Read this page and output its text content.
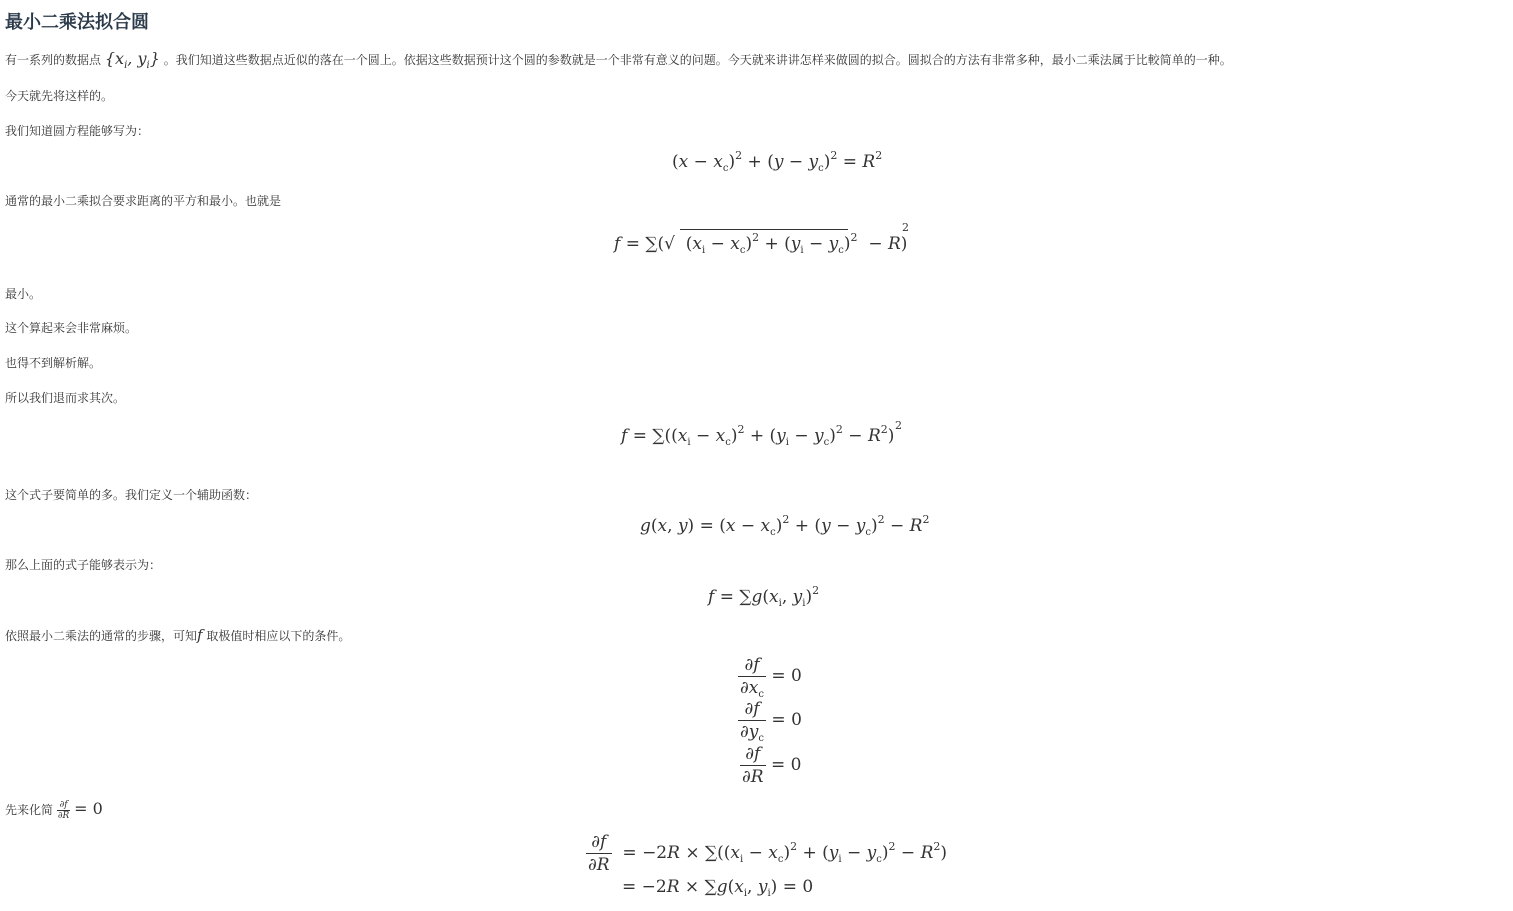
最小二乘法拟合圆

有一系列的数据点 {$x_i$, $y_i$} 。我们知道这些数据点近似的落在一个圆上。依据这些数据预计这个圆的参数就是一个非常有意义的问题。今天就来讲讲怎样来做圆的拟合。圆拟合的方法有非常多种，最小二乘法属于比較简单的一种。

今天就先将这样的。

我们知道圆方程能够写为：

$(x - x_c)^2 + (y - y_c)^2 = R^2$

通常的最小二乘拟合要求距离的平方和最小。也就是

f = ∑(√  $(x_i - x_c)^2 + (y_i - y_c)^2 - R$)
2

最小。

这个算起来会非常麻烦。

也得不到解析解。

所以我们退而求其次。

$f = \sum((x_i - x_c)^2 + (y_i - y_c)^2 - R^2)$
2

这个式子要简单的多。我们定义一个辅助函数：

g(x, $y) = (x - x_c)^2 + (y - y_c)^2 - R^2$

那么上面的式子能够表示为：

$f = \sum g(x_i$, $y_i)^2$

依照最小二乘法的通常的步骤，可知f 取极值时相应以下的条件。

$\frac{\partial f}{\partial x_c} = 0$
$\frac{\partial f}{\partial y_c} = 0$
$\frac{\partial f}{\partial R} = 0$

先来化简 $\frac{\partial f}{\partial R} = 0$

$\frac{\partial f}{\partial R} = -2R \times \sum((x_i - x_c)^2 + (y_i - y_c)^2 - R^2)$
= $-2R \times \sum g(x_i$, $y_i) = 0$
